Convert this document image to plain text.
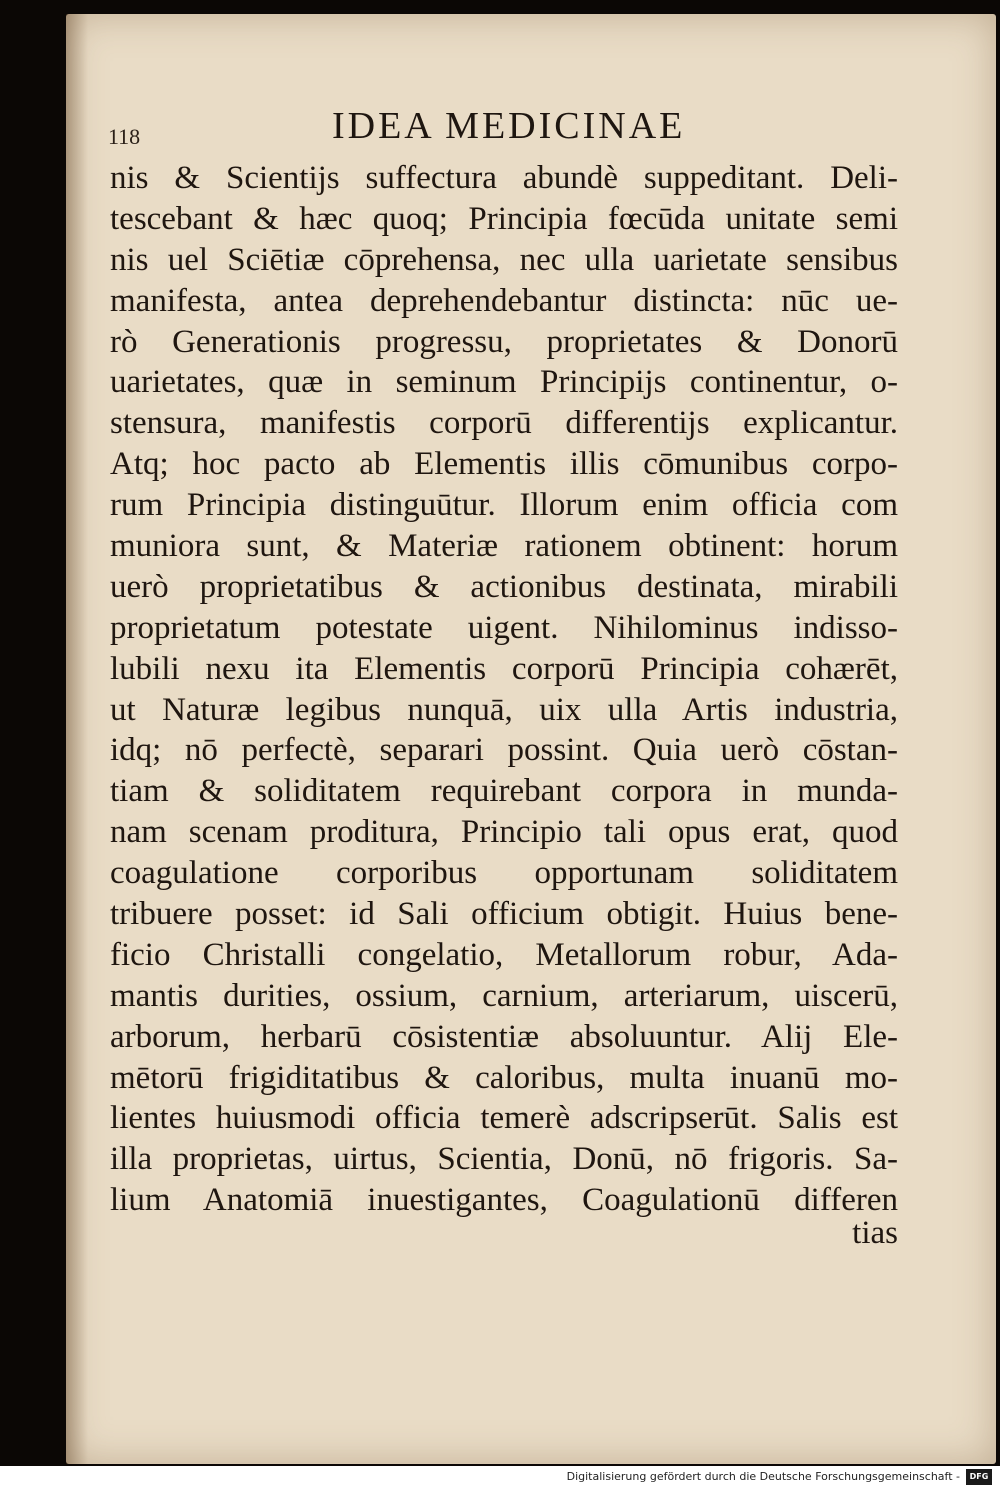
118	IDEA MEDICINAE
nis & Scientijs suffectura abundè suppeditant. Deli-
tescebant & hæc quoq; Principia fœcūda unitate semi
nis uel Sciētiæ cōprehensa, nec ulla uarietate sensibus
manifesta, antea deprehendebantur distincta: nūc ue-
rò Generationis progressu, proprietates & Donorū
uarietates, quæ in seminum Principijs continentur, o-
stensura, manifestis corporū differentijs explicantur.
Atq; hoc pacto ab Elementis illis cōmunibus corpo-
rum Principia distinguūtur. Illorum enim officia com
muniora sunt, & Materiæ rationem obtinent: horum
uerò proprietatibus & actionibus destinata, mirabili
proprietatum potestate uigent. Nihilominus indisso-
lubili nexu ita Elementis corporū Principia cohærēt,
ut Naturæ legibus nunquā, uix ulla Artis industria,
idq; nō perfectè, separari possint. Quia uerò cōstan-
tiam & soliditatem requirebant corpora in munda-
nam scenam proditura, Principio tali opus erat, quod
coagulatione corporibus opportunam soliditatem
tribuere posset: id Sali officium obtigit. Huius bene-
ficio Christalli congelatio, Metallorum robur, Ada-
mantis durities, ossium, carnium, arteriarum, uiscerū,
arborum, herbarū cōsistentiæ absoluuntur. Alij Ele-
mētorū frigiditatibus & caloribus, multa inuanū mo-
lientes huiusmodi officia temerè adscripserūt. Salis est
illa proprietas, uirtus, Scientia, Donū, nō frigoris. Sa-
lium Anatomiā inuestigantes, Coagulationū differen
tias
Digitalisierung gefördert durch die Deutsche Forschungsgemeinschaft -	DFG
